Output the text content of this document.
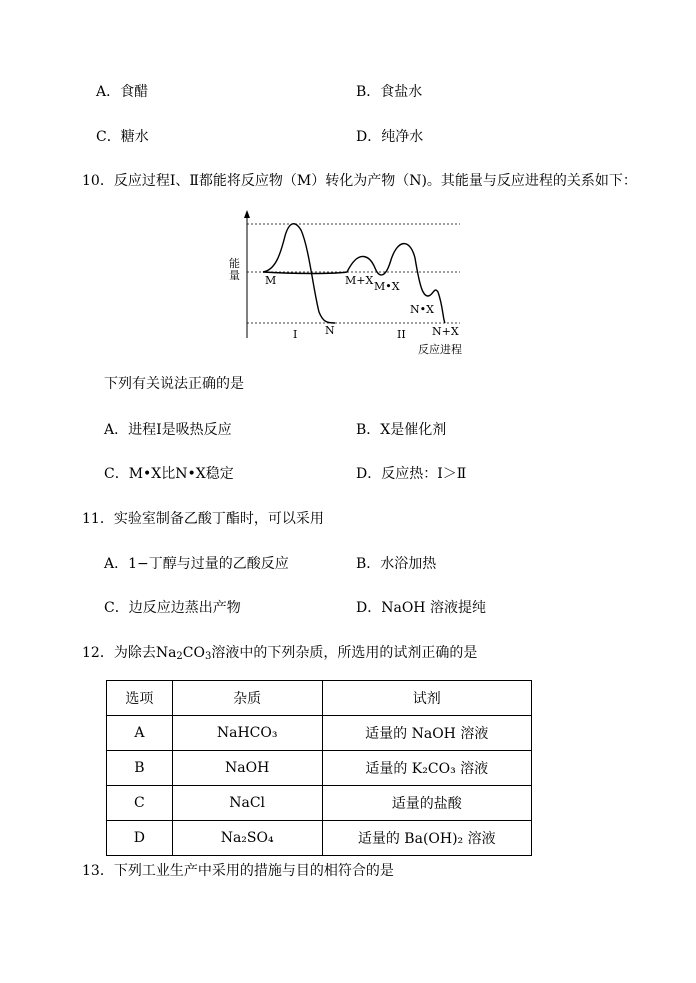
A．食醋	B．食盐水
C．糖水	D．纯净水
10．反应过程Ⅰ、Ⅱ都能将反应物（M）转化为产物（N)。其能量与反应进程的关系如下：
M
I	N
M+X M•X
N•X
II N+X
反应进程
能量
下列有关说法正确的是
A．进程Ⅰ是吸热反应	B．X是催化剂
C．M•X比N•X稳定	D．反应热：Ⅰ＞Ⅱ
11．实验室制备乙酸丁酯时，可以采用
A．1−丁醇与过量的乙酸反应	B．水浴加热
C．边反应边蒸出产物	D．NaOH 溶液提纯
12．为除去$Na_2CO_3$溶液中的下列杂质，所选用的试剂正确的是
选项	杂质	试剂
A	NaHCO₃	适量的 NaOH 溶液
B	NaOH	适量的 K₂CO₃ 溶液
C	NaCl	适量的盐酸
D	Na₂SO₄	适量的 Ba(OH)₂ 溶液
13．下列工业生产中采用的措施与目的相符合的是
